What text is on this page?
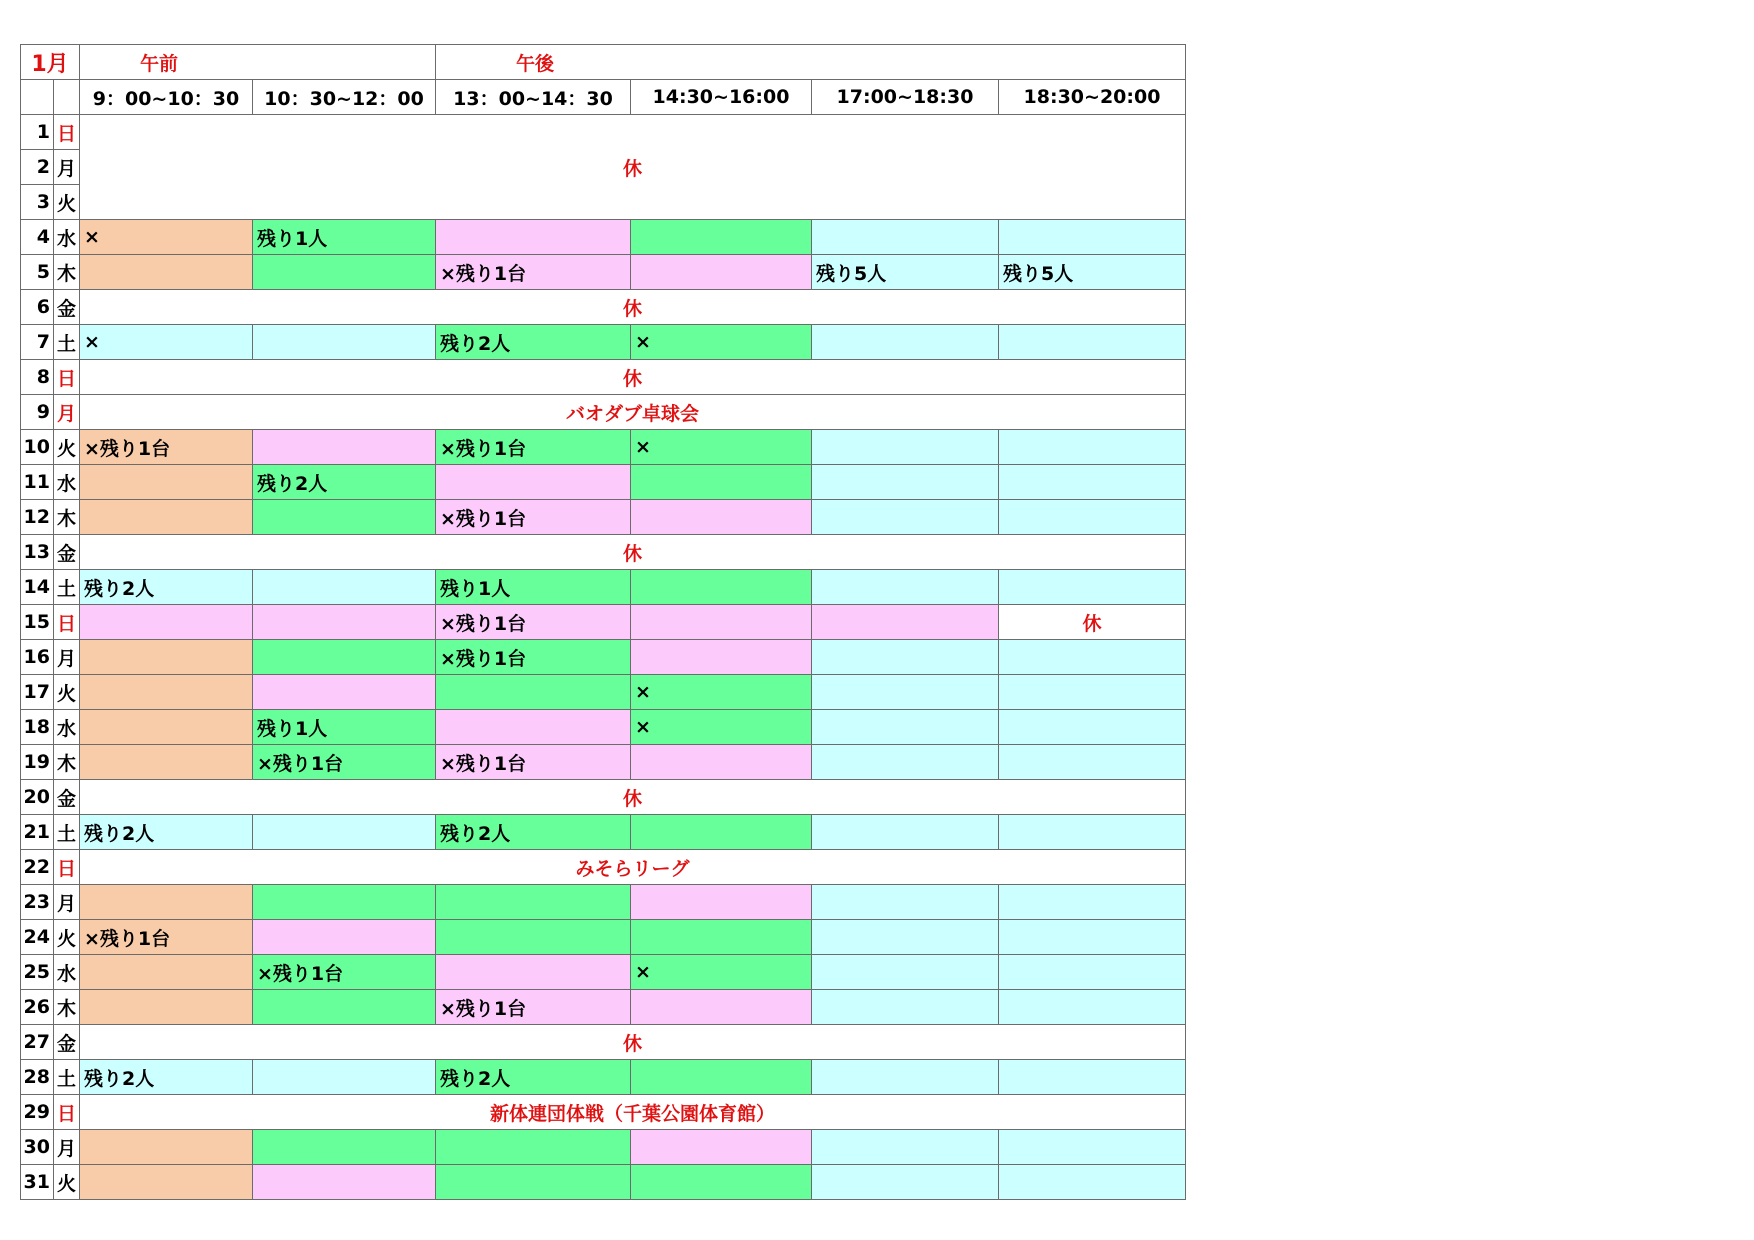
1月		午前		午後			
		9：00~10：30	10：30~12：00	13：00~14：30	14:30~16:00	17:00~18:30	18:30~20:00
1	日	休					
2	月						
3	火						
4	水	×	残り1人				
5	木			×残り1台		残り5人	残り5人
6	金	休					
7	土	×		残り2人	×		
8	日	休					
9	月	バオダブ卓球会					
10	火	×残り1台		×残り1台	×		
11	水		残り2人				
12	木			×残り1台			
13	金	休					
14	土	残り2人		残り1人			
15	日			×残り1台			休
16	月			×残り1台			
17	火				×		
18	水		残り1人		×		
19	木		×残り1台	×残り1台			
20	金	休					
21	土	残り2人		残り2人			
22	日	みそらリーグ					
23	月						
24	火	×残り1台					
25	水		×残り1台		×		
26	木			×残り1台			
27	金	休					
28	土	残り2人		残り2人			
29	日	新体連団体戦（千葉公園体育館）					
30	月						
31	火						
